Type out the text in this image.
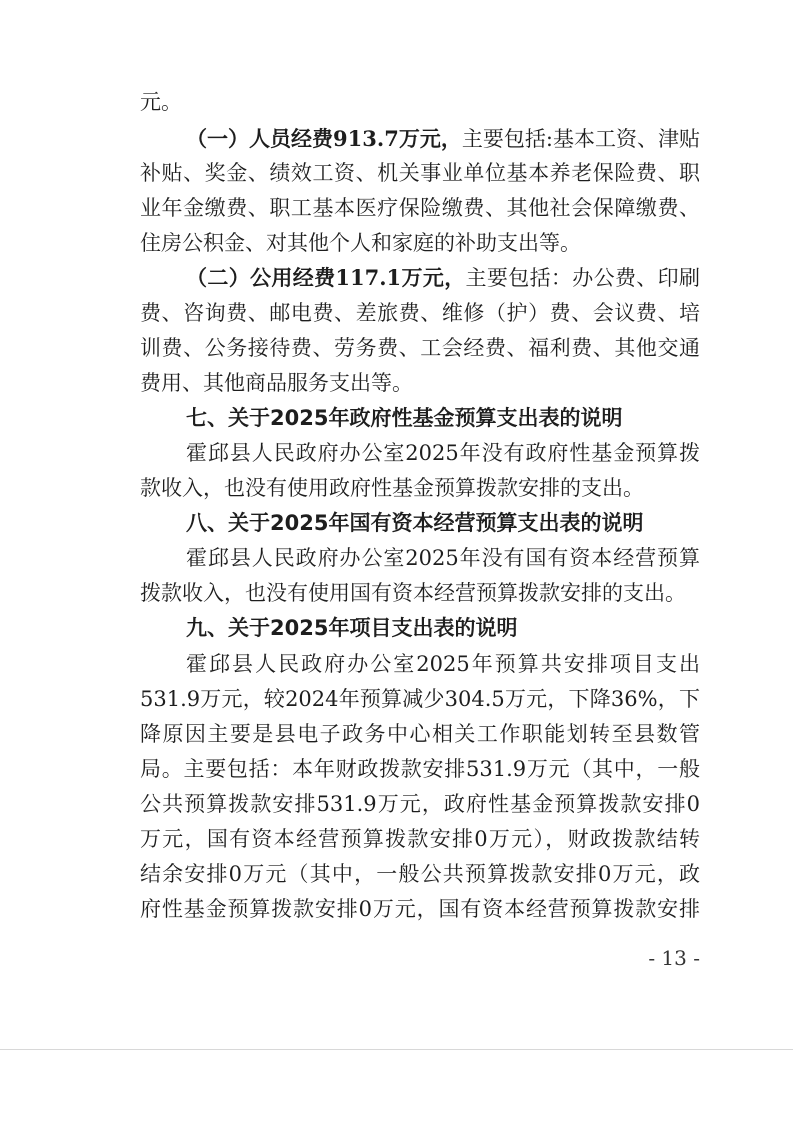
元。
（一）人员经费913.7万元，主要包括:基本工资、津贴
补贴、奖金、绩效工资、机关事业单位基本养老保险费、职
业年金缴费、职工基本医疗保险缴费、其他社会保障缴费、
住房公积金、对其他个人和家庭的补助支出等。
（二）公用经费117.1万元，主要包括：办公费、印刷
费、咨询费、邮电费、差旅费、维修（护）费、会议费、培
训费、公务接待费、劳务费、工会经费、福利费、其他交通
费用、其他商品服务支出等。
七、关于2025年政府性基金预算支出表的说明
霍邱县人民政府办公室2025年没有政府性基金预算拨
款收入，也没有使用政府性基金预算拨款安排的支出。
八、关于2025年国有资本经营预算支出表的说明
霍邱县人民政府办公室2025年没有国有资本经营预算
拨款收入，也没有使用国有资本经营预算拨款安排的支出。
九、关于2025年项目支出表的说明
霍邱县人民政府办公室2025年预算共安排项目支出
531.9万元，较2024年预算减少304.5万元，下降36%，下
降原因主要是县电子政务中心相关工作职能划转至县数管
局。主要包括：本年财政拨款安排531.9万元（其中，一般
公共预算拨款安排531.9万元，政府性基金预算拨款安排0
万元，国有资本经营预算拨款安排0万元），财政拨款结转
结余安排0万元（其中，一般公共预算拨款安排0万元，政
府性基金预算拨款安排0万元，国有资本经营预算拨款安排
- 13 -
